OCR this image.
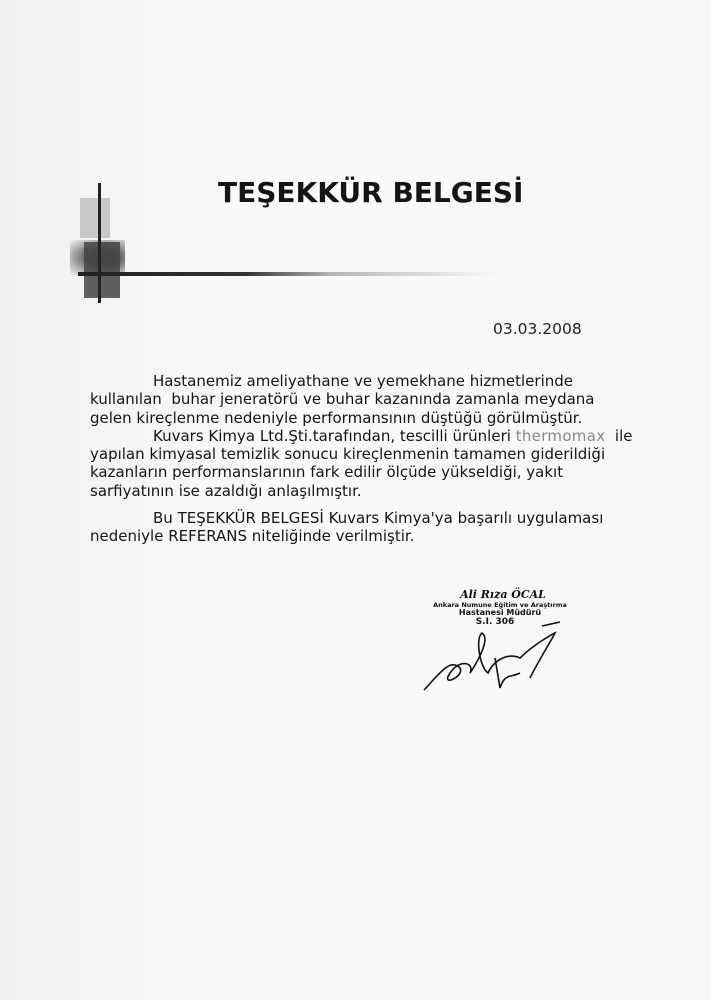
TEŞEKKÜR BELGESİ
03.03.2008

Hastanemiz ameliyathane ve yemekhane hizmetlerinde

kullanılan  buhar jeneratörü ve buhar kazanında zamanla meydana

gelen kireçlenme nedeniyle performansının düştüğü görülmüştür.

Kuvars Kimya Ltd.Şti.tarafından, tescilli ürünleri thermomax  ile

yapılan kimyasal temizlik sonucu kireçlenmenin tamamen giderildiği

kazanların performanslarının fark edilir ölçüde yükseldiği, yakıt

sarfiyatının ise azaldığı anlaşılmıştır.

Bu TEŞEKKÜR BELGESİ Kuvars Kimya'ya başarılı uygulaması

nedeniyle REFERANS niteliğinde verilmiştir.

Ali Rıza ÖCAL
Ankara Numune Eğitim ve Araştırma
Hastanesi Müdürü
S.I. 306
